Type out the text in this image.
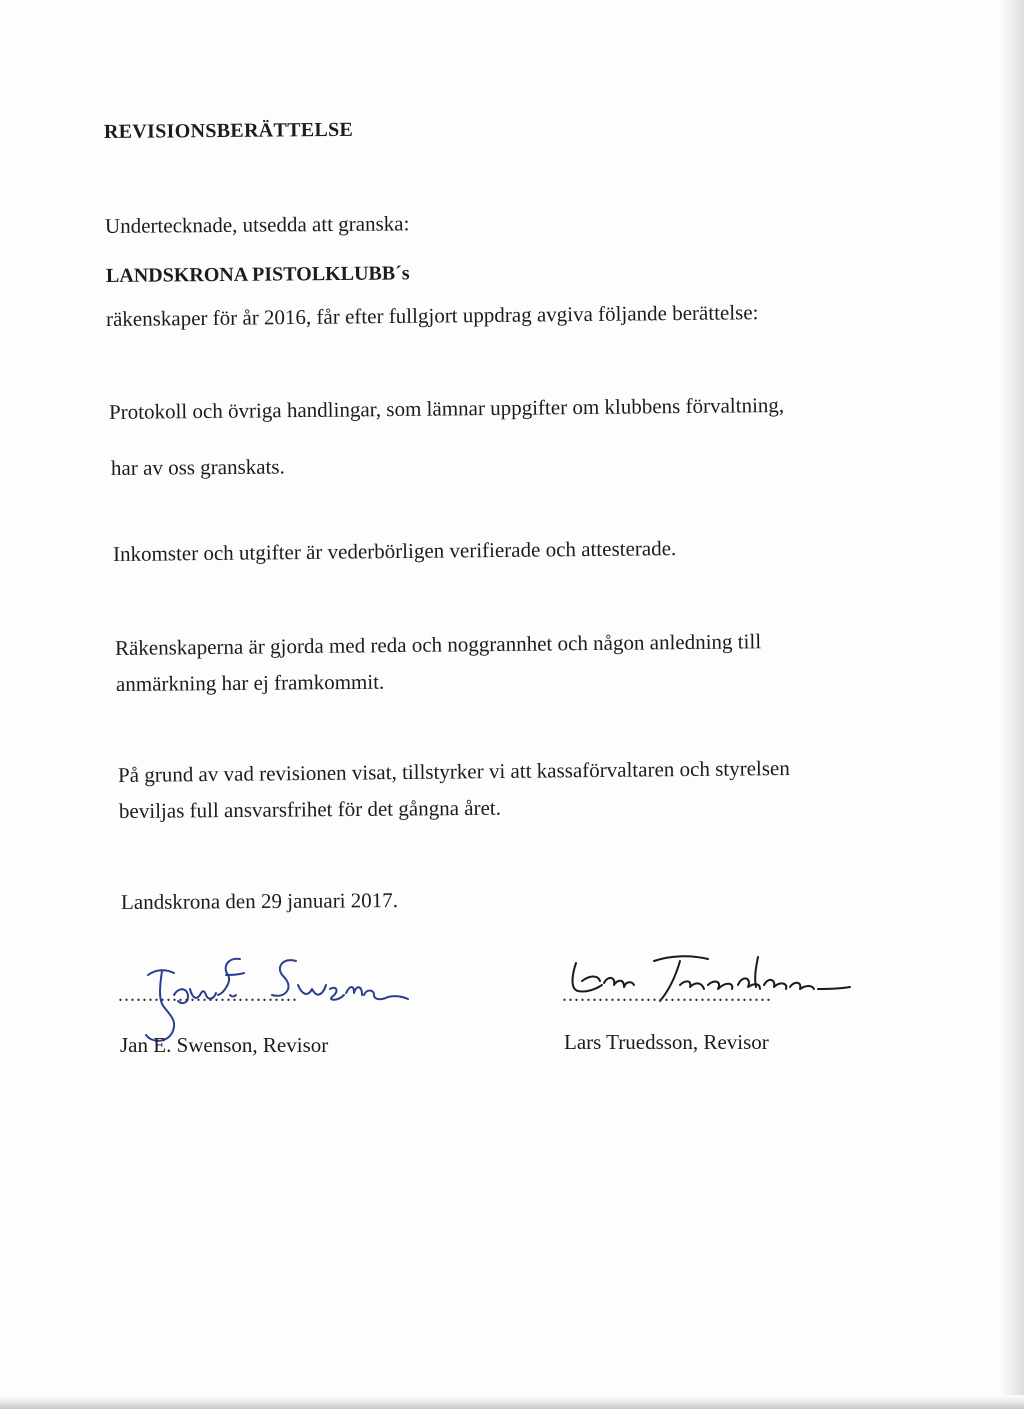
REVISIONSBERÄTTELSE
Undertecknade, utsedda att granska:
LANDSKRONA PISTOLKLUBB´s
räkenskaper för år 2016, får efter fullgjort uppdrag avgiva följande berättelse:
Protokoll och övriga handlingar, som lämnar uppgifter om klubbens förvaltning,
har av oss granskats.
Inkomster och utgifter är vederbörligen verifierade och attesterade.
Räkenskaperna är gjorda med reda och noggrannhet och någon anledning till
anmärkning har ej framkommit.
På grund av vad revisionen visat, tillstyrker vi att kassaförvaltaren och styrelsen
beviljas full ansvarsfrihet för det gångna året.
Landskrona den 29 januari 2017.
..............................
Jan E. Swenson, Revisor
...................................
Lars Truedsson, Revisor
